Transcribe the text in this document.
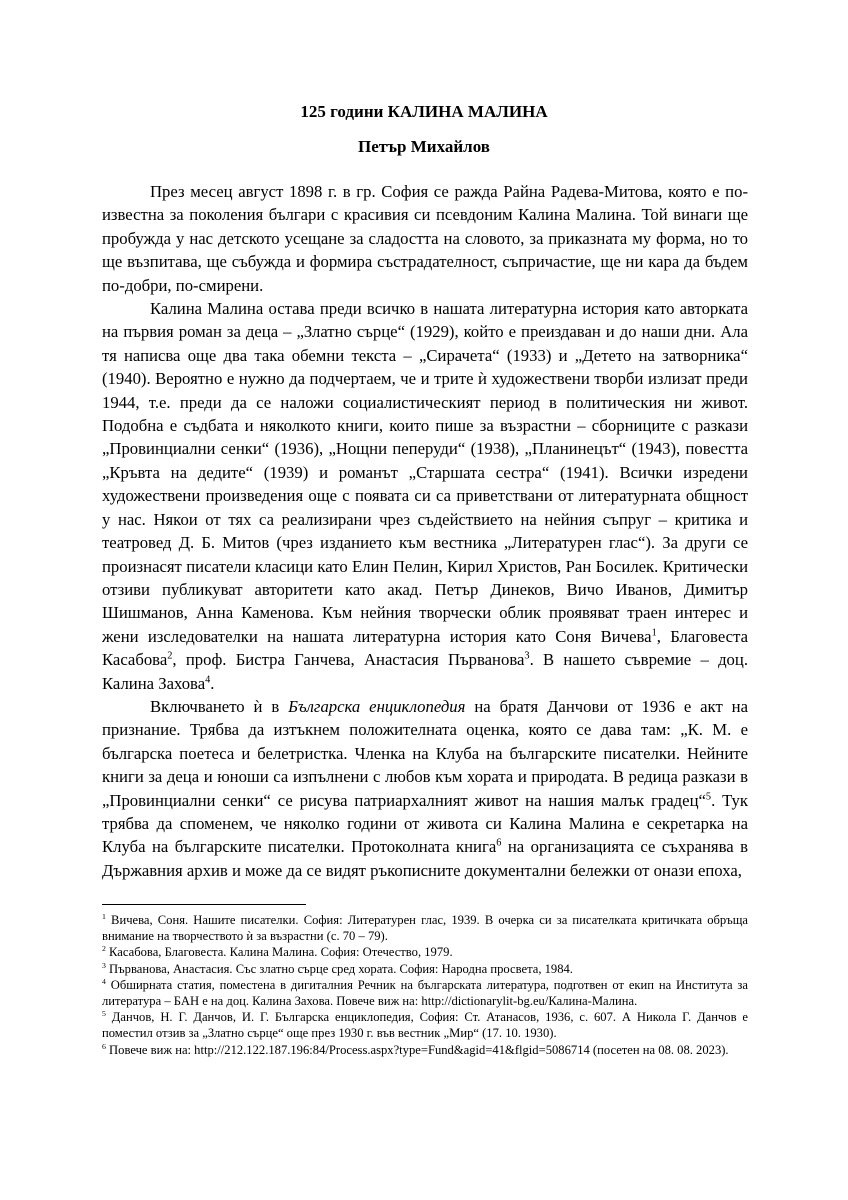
125 години КАЛИНА МАЛИНА
Петър Михайлов

През месец август 1898 г. в гр. София се ражда Райна Радева-Митова, която е по-известна за поколения българи с красивия си псевдоним Калина Малина. Той винаги ще пробужда у нас детското усещане за сладостта на словото, за приказната му форма, но то ще възпитава, ще събужда и формира състрадателност, съпричастие, ще ни кара да бъдем по-добри, по-смирени.

Калина Малина остава преди всичко в нашата литературна история като авторката на първия роман за деца – „Златно сърце“ (1929), който е преиздаван и до наши дни. Ала тя написва още два така обемни текста – „Сирачета“ (1933) и „Детето на затворника“ (1940). Вероятно е нужно да подчертаем, че и трите ѝ художествени творби излизат преди 1944, т.е. преди да се наложи социалистическият период в политическия ни живот. Подобна е съдбата и няколкото книги, които пише за възрастни – сборниците с разкази „Провинциални сенки“ (1936), „Нощни пеперуди“ (1938), „Планинецът“ (1943), повестта „Кръвта на дедите“ (1939) и романът „Старшата сестра“ (1941). Всички изредени художествени произведения още с появата си са приветствани от литературната общност у нас. Някои от тях са реализирани чрез съдействието на нейния съпруг – критика и театровед Д. Б. Митов (чрез изданието към вестника „Литературен глас“). За други се произнасят писатели класици като Елин Пелин, Кирил Христов, Ран Босилек. Критически отзиви публикуват авторитети като акад. Петър Динеков, Вичо Иванов, Димитър Шишманов, Анна Каменова. Към нейния творчески облик проявяват траен интерес и жени изследователки на нашата литературна история като Соня Вичева$^1$, Благовеста Касабова$^2$, проф. Бистра Ганчева, Анастасия Първанова$^3$. В нашето съвремие – доц. Калина Захова$^4$.

Включването ѝ в Българска енциклопедия на братя Данчови от 1936 е акт на признание. Трябва да изтъкнем положителната оценка, която се дава там: „К. М. е българска поетеса и белетристка. Членка на Клуба на българските писателки. Нейните книги за деца и юноши са изпълнени с любов към хората и природата. В редица разкази в „Провинциални сенки“ се рисува патриархалният живот на нашия малък градец“$^5$. Тук трябва да споменем, че няколко години от живота си Калина Малина е секретарка на Клуба на българските писателки. Протоколната книга$^6$ на организацията се съхранява в Държавния архив и може да се видят ръкописните документални бележки от онази епоха,

$^1$ Вичева, Соня. Нашите писателки. София: Литературен глас, 1939. В очерка си за писателката критичката обръща внимание на творчеството ѝ за възрастни (с. 70 – 79).

$^2$ Касабова, Благовеста. Калина Малина. София: Отечество, 1979.

$^3$ Първанова, Анастасия. Със златно сърце сред хората. София: Народна просвета, 1984.

$^4$ Обширната статия, поместена в дигиталния Речник на българската литература, подготвен от екип на Института за литература – БАН е на доц. Калина Захова. Повече виж на: http://dictionarylit-bg.eu/Калина-Малина.

$^5$ Данчов, Н. Г. Данчов, И. Г. Българска енциклопедия, София: Ст. Атанасов, 1936, с. 607. А Никола Г. Данчов е поместил отзив за „Златно сърце“ още през 1930 г. във вестник „Мир“ (17. 10. 1930).

$^6$ Повече виж на: http://212.122.187.196:84/Process.aspx?type=Fund&agid=41&flgid=5086714 (посетен на 08. 08. 2023).
